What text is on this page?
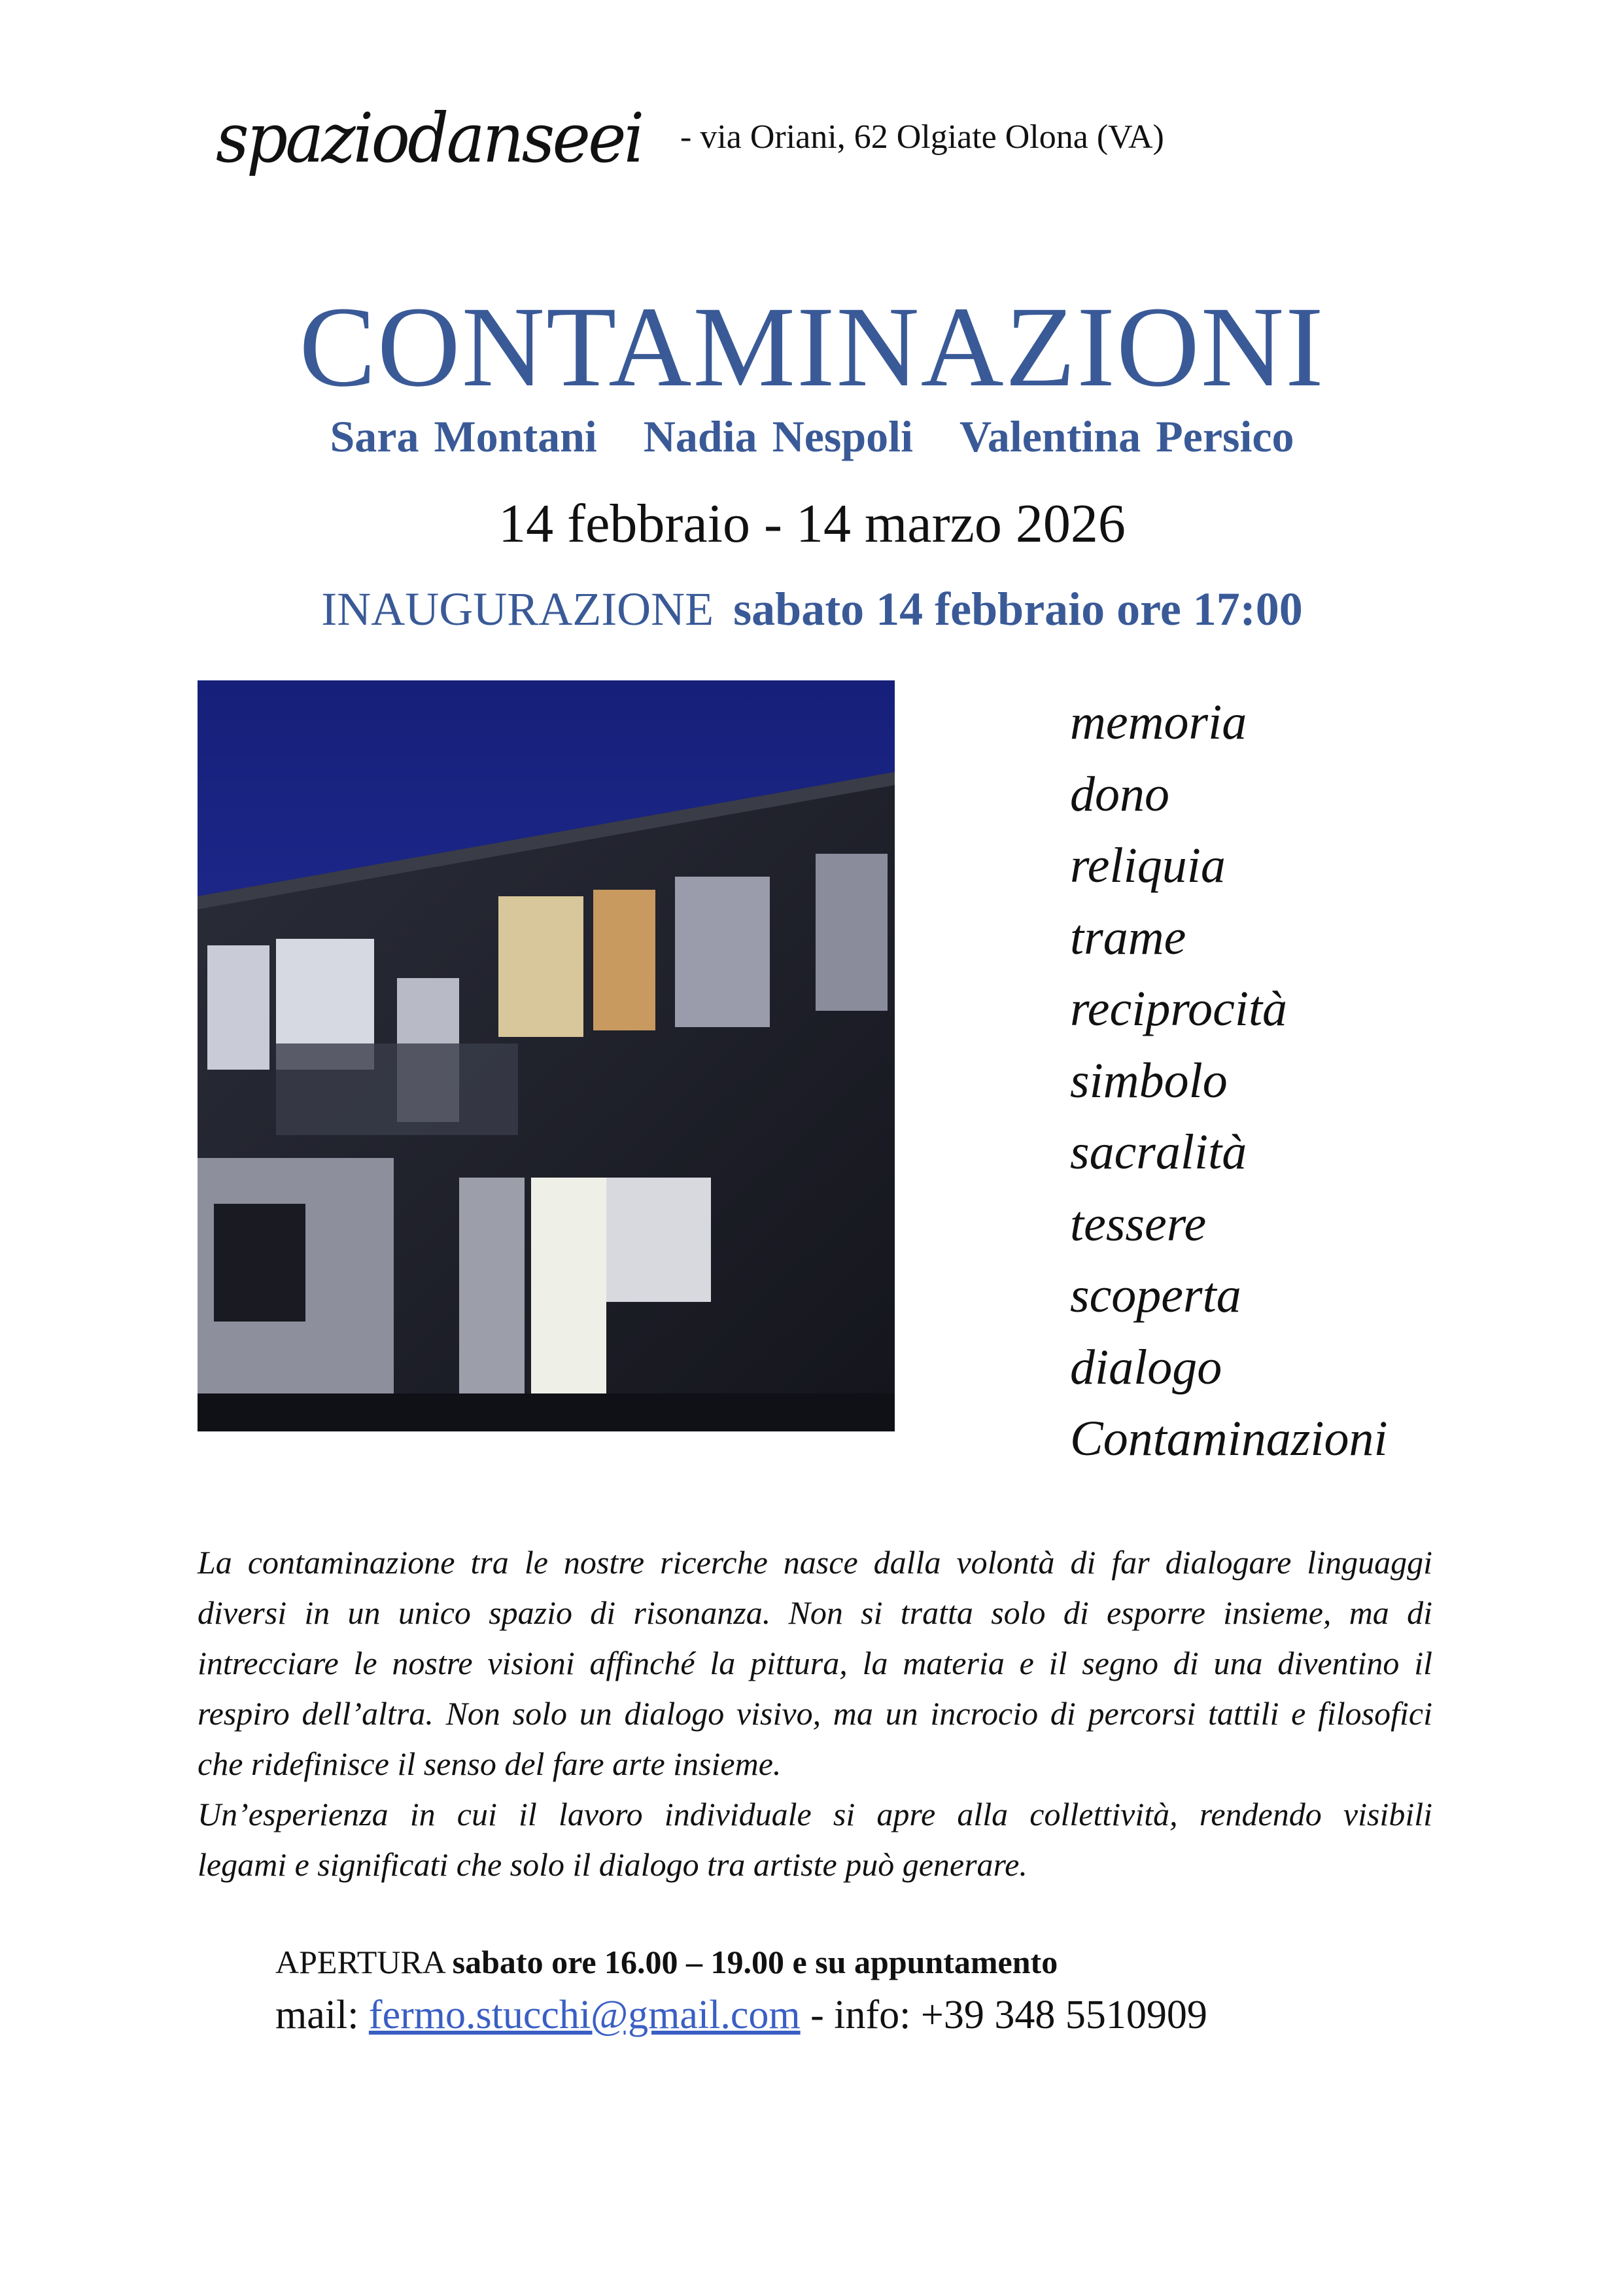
spaziodanseei - via Oriani, 62 Olgiate Olona (VA)
CONTAMINAZIONI
Sara Montani Nadia Nespoli Valentina Persico
14 febbraio - 14 marzo 2026
INAUGURAZIONE sabato 14 febbraio ore 17:00
memoria
dono
reliquia
trame
reciprocità
simbolo
sacralità
tessere
scoperta
dialogo
Contaminazioni
La contaminazione tra le nostre ricerche nasce dalla volontà di far dialogare linguaggi
diversi in un unico spazio di risonanza. Non si tratta solo di esporre insieme, ma di
intrecciare le nostre visioni affinché la pittura, la materia e il segno di una diventino il
respiro dell’altra. Non solo un dialogo visivo, ma un incrocio di percorsi tattili e filosofici
che ridefinisce il senso del fare arte insieme.
Un’esperienza in cui il lavoro individuale si apre alla collettività, rendendo visibili
legami e significati che solo il dialogo tra artiste può generare.
APERTURA sabato ore 16.00 – 19.00 e su appuntamento
mail: fermo.stucchi@gmail.com - info: +39 348 5510909
